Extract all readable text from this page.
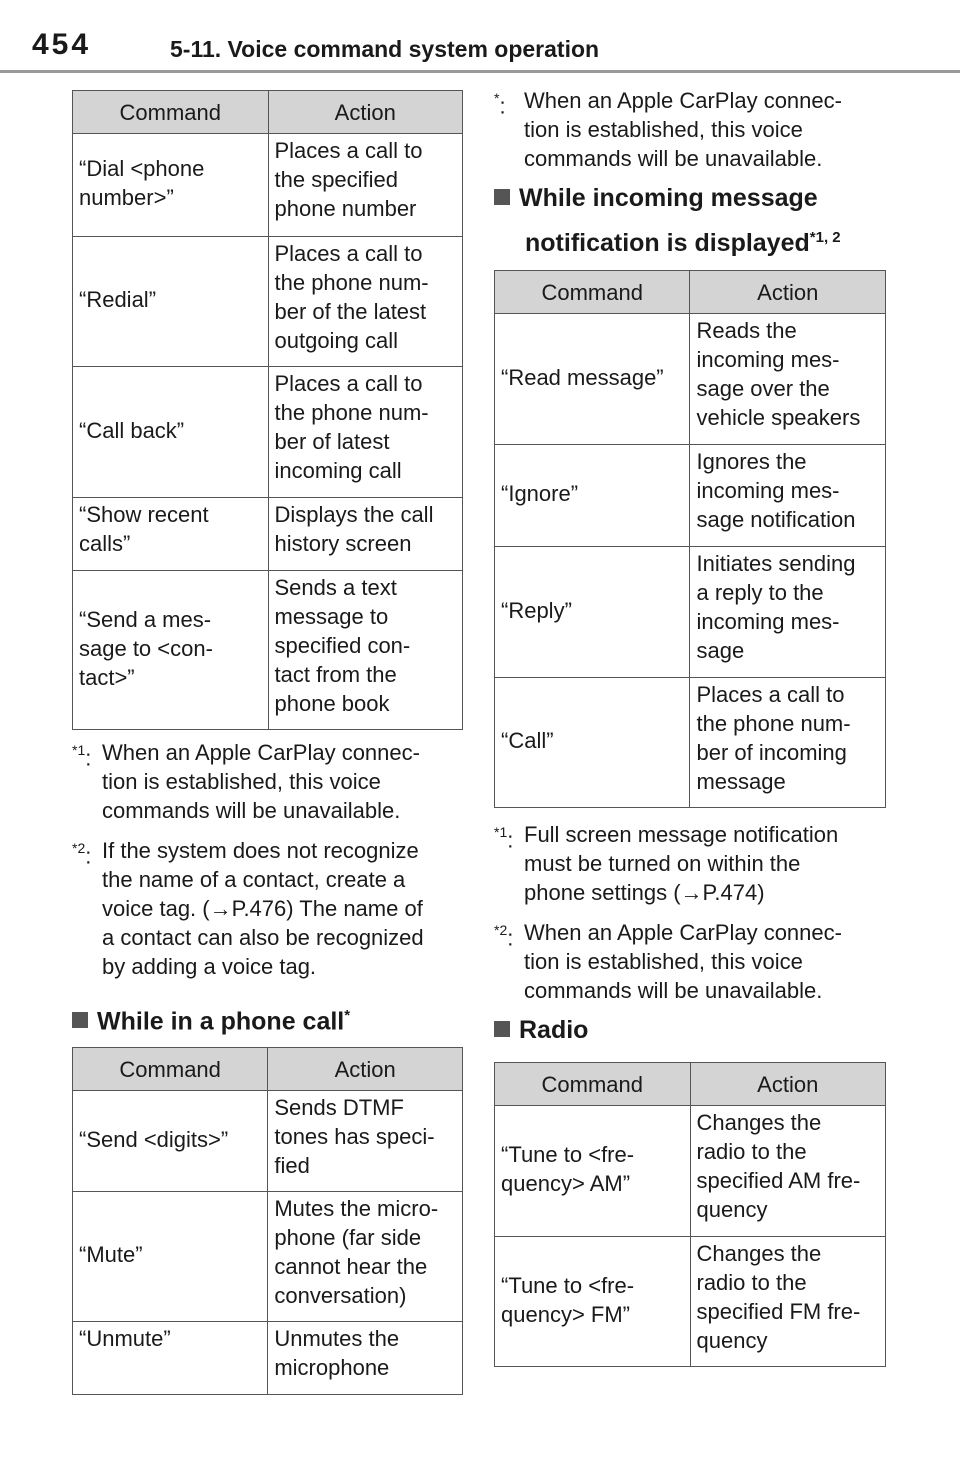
454	5-11. Voice command system operation
Command	Action
“Dial <phone
number>”	Places a call to
the specified
phone number
“Redial”	Places a call to
the phone num-
ber of the latest
outgoing call
“Call back”	Places a call to
the phone num-
ber of latest
incoming call
“Show recent
calls”	Displays the call
history screen
“Send a mes-
sage to <con-
tact>”	Sends a text
message to
specified con-
tact from the
phone book
$^{*1}$: When an Apple CarPlay connec-
tion is established, this voice
commands will be unavailable.
$^{*2}$: If the system does not recognize
the name of a contact, create a
voice tag. (→P.476) The name of
a contact can also be recognized
by adding a voice tag.
While in a phone call*
Command	Action
“Send <digits>”	Sends DTMF
tones has speci-
fied
“Mute”	Mutes the micro-
phone (far side
cannot hear the
conversation)
“Unmute”	Unmutes the
microphone
*: When an Apple CarPlay connec-
tion is established, this voice
commands will be unavailable.
While incoming message
notification is displayed$^{*1, 2}$
Command	Action
“Read message”	Reads the
incoming mes-
sage over the
vehicle speakers
“Ignore”	Ignores the
incoming mes-
sage notification
“Reply”	Initiates sending
a reply to the
incoming mes-
sage
“Call”	Places a call to
the phone num-
ber of incoming
message
$^{*1}$: Full screen message notification
must be turned on within the
phone settings (→P.474)
$^{*2}$: When an Apple CarPlay connec-
tion is established, this voice
commands will be unavailable.
Radio
Command	Action
“Tune to <fre-
quency> AM”	Changes the
radio to the
specified AM fre-
quency
“Tune to <fre-
quency> FM”	Changes the
radio to the
specified FM fre-
quency
